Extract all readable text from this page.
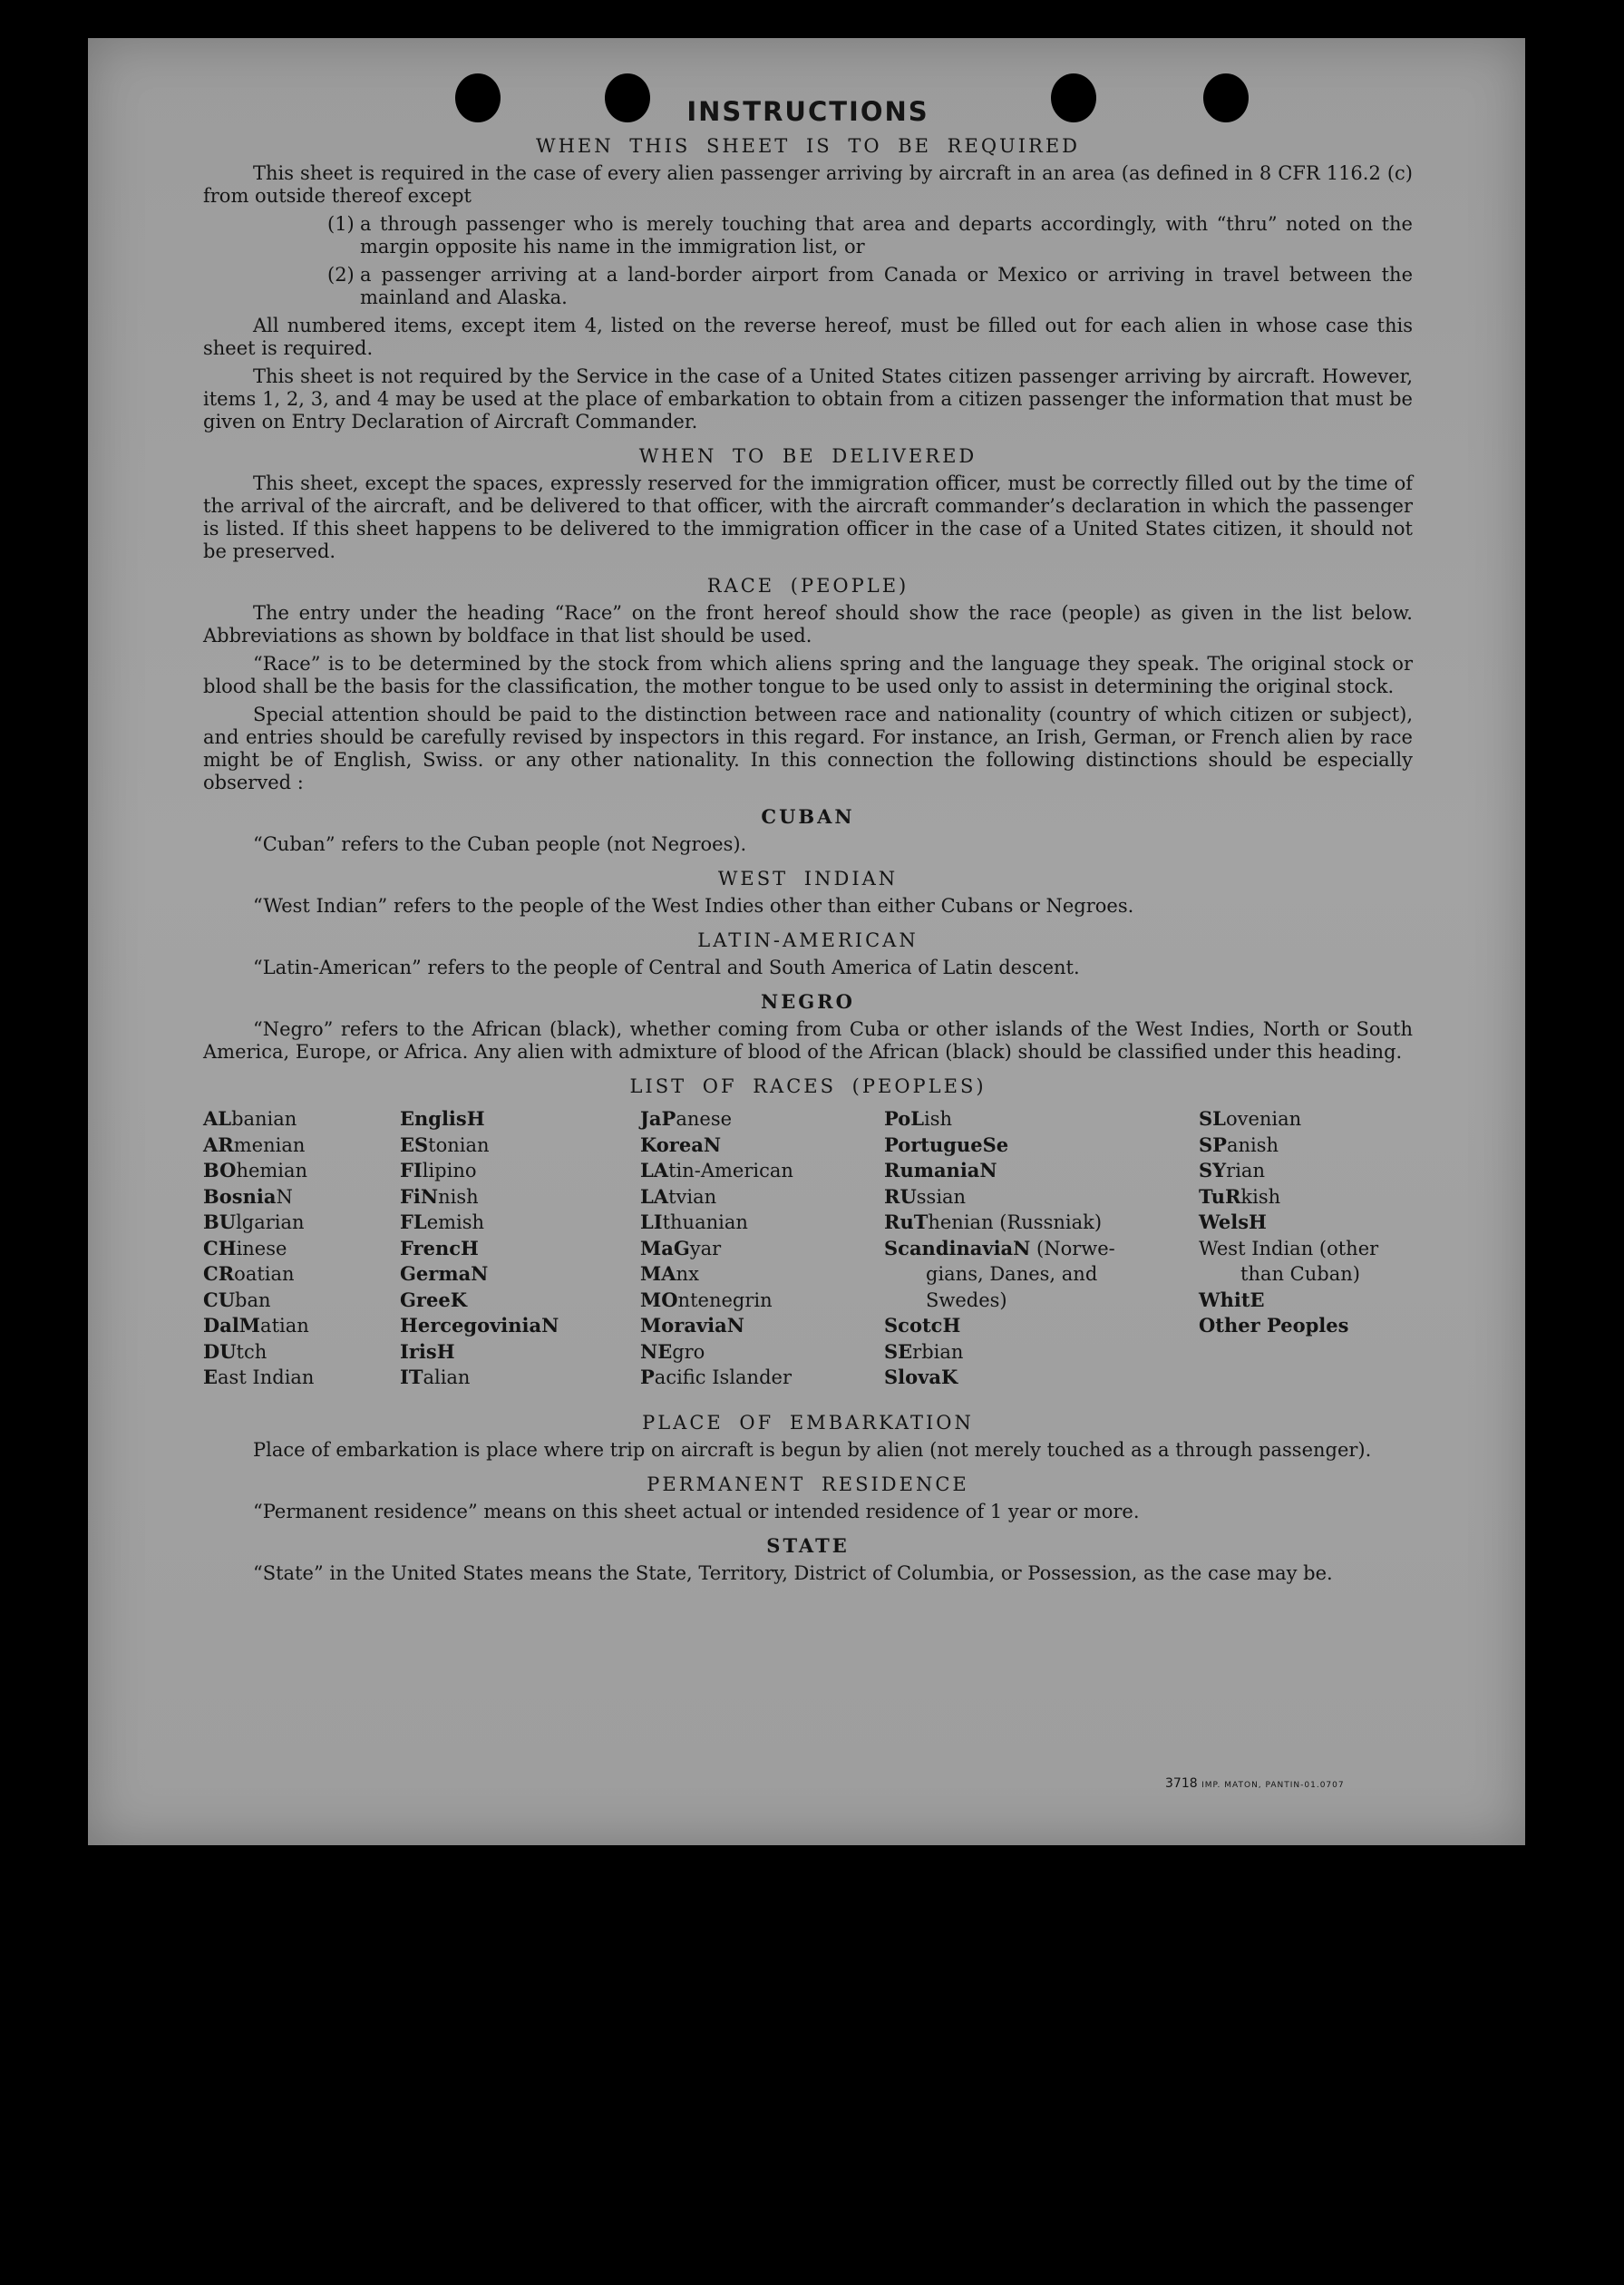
INSTRUCTIONS
WHEN THIS SHEET IS TO BE REQUIRED

This sheet is required in the case of every alien passenger arriving by aircraft in an area (as defined in 8 CFR 116.2 (c) from outside thereof except

(1) a through passenger who is merely touching that area and departs accordingly, with “thru” noted on the margin opposite his name in the immigration list, or

(2) a passenger arriving at a land-border airport from Canada or Mexico or arriving in travel between the mainland and Alaska.

All numbered items, except item 4, listed on the reverse hereof, must be filled out for each alien in whose case this sheet is required.

This sheet is not required by the Service in the case of a United States citizen passenger arriving by aircraft. However, items 1, 2, 3, and 4 may be used at the place of embarkation to obtain from a citizen passenger the information that must be given on Entry Declaration of Aircraft Commander.

WHEN TO BE DELIVERED

This sheet, except the spaces, expressly reserved for the immigration officer, must be correctly filled out by the time of the arrival of the aircraft, and be delivered to that officer, with the aircraft commander’s declaration in which the passenger is listed. If this sheet happens to be delivered to the immigration officer in the case of a United States citizen, it should not be preserved.

RACE (PEOPLE)

The entry under the heading “Race” on the front hereof should show the race (people) as given in the list below. Abbreviations as shown by boldface in that list should be used.

“Race” is to be determined by the stock from which aliens spring and the language they speak. The original stock or blood shall be the basis for the classification, the mother tongue to be used only to assist in determining the original stock.

Special attention should be paid to the distinction between race and nationality (country of which citizen or subject), and entries should be carefully revised by inspectors in this regard. For instance, an Irish, German, or French alien by race might be of English, Swiss. or any other nationality. In this connection the following distinctions should be especially observed :

CUBAN

“Cuban” refers to the Cuban people (not Negroes).

WEST INDIAN

“West Indian” refers to the people of the West Indies other than either Cubans or Negroes.

LATIN-AMERICAN

“Latin-American” refers to the people of Central and South America of Latin descent.

NEGRO

“Negro” refers to the African (black), whether coming from Cuba or other islands of the West Indies, North or South America, Europe, or Africa. Any alien with admixture of blood of the African (black) should be classified under this heading.

LIST OF RACES (PEOPLES)
ALbanian
ARmenian
BOhemian
BosniaN
BUlgarian
CHinese
CRoatian
CUban
DalMatian
DUtch
East Indian
EnglisH
EStonian
FIlipino
FiNnish
FLemish
FrencH
GermaN
GreeK
HercegoviniaN
IrisH
ITalian
JaPanese
KoreaN
LAtin-American
LAtvian
LIthuanian
MaGyar
MAnx
MOntenegrin
MoraviaN
NEgro
Pacific Islander
PoLish
PortugueSe
RumaniaN
RUssian
RuThenian (Russniak)
ScandinaviaN (Norwe-
gians, Danes, and
Swedes)
ScotcH
SErbian
SlovaK
SLovenian
SPanish
SYrian
TuRkish
WelsH
West Indian (other
than Cuban)
WhitE
Other Peoples
PLACE OF EMBARKATION

Place of embarkation is place where trip on aircraft is begun by alien (not merely touched as a through passenger).

PERMANENT RESIDENCE

“Permanent residence” means on this sheet actual or intended residence of 1 year or more.

STATE

“State” in the United States means the State, Territory, District of Columbia, or Possession, as the case may be.

3718 IMP. MATON, PANTIN-01.0707
